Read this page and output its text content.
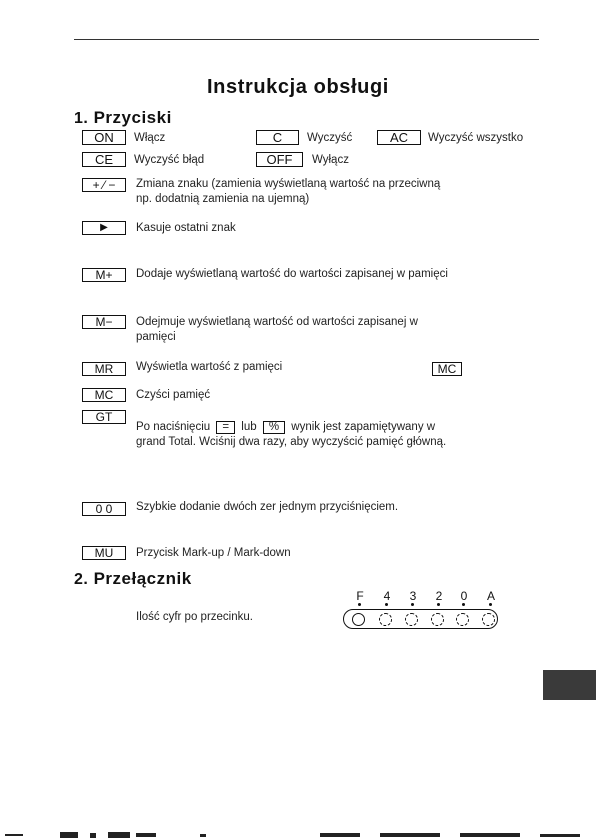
Instrukcja obsługi
1. Przyciski
ON	Włącz	C	Wyczyść	AC	Wyczyść wszystko
CE	Wyczyść błąd	OFF	Wyłącz
+ ⁄ −	Zmiana znaku (zamienia wyświetlaną wartość na przeciwną
np. dodatnią zamienia na ujemną)
▶	Kasuje ostatni znak
M+	Dodaje wyświetlaną wartość do wartości zapisanej w pamięci
M−	Odejmuje wyświetlaną wartość od wartości zapisanej w
pamięci
MR	Wyświetla wartość z pamięci	MC
MC	Czyści pamięć
GT
Po naciśnięciu = lub % wynik jest zapamiętywany w
grand Total. Wciśnij dwa razy, aby wyczyścić pamięć główną.
0 0	Szybkie dodanie dwóch zer jednym przyciśnięciem.
MU	Przycisk Mark-up / Mark-down
2. Przełącznik
Ilość cyfr po przecinku.
F	4	3	2	0	A
